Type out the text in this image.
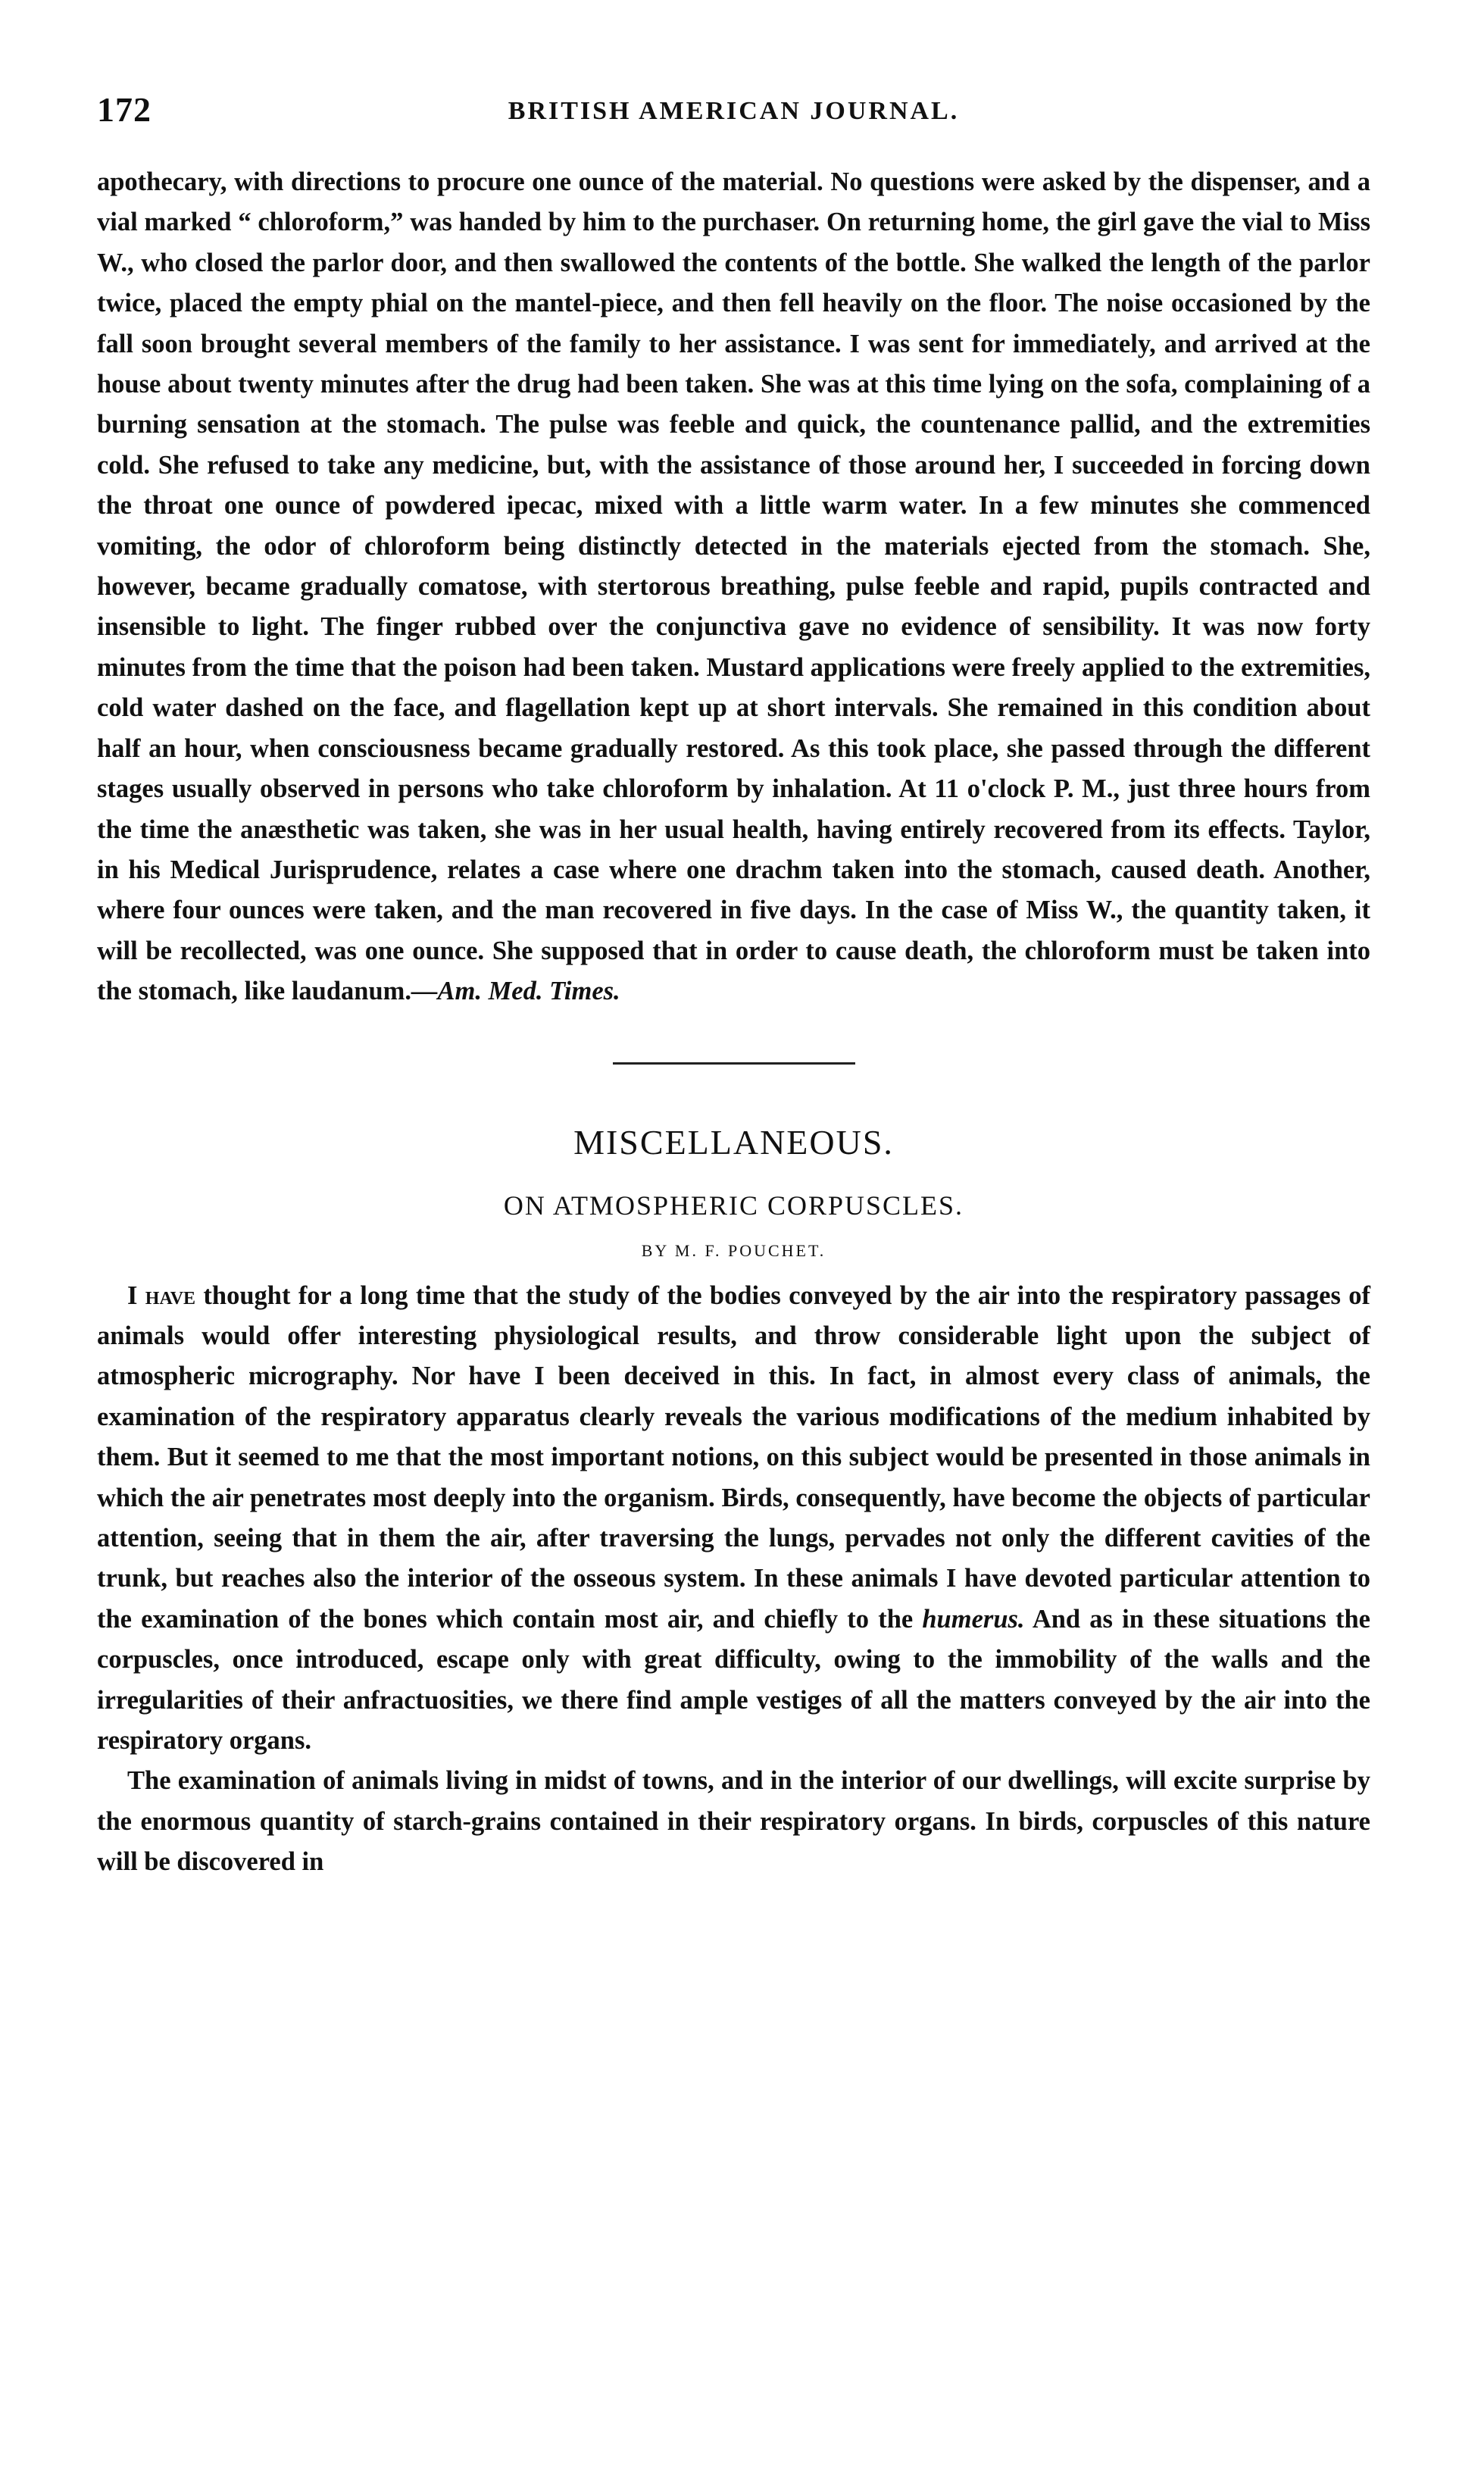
172	BRITISH AMERICAN JOURNAL.

apothecary, with directions to procure one ounce of the material. No questions were asked by the dispenser, and a vial marked “ chloroform,” was handed by him to the purchaser. On returning home, the girl gave the vial to Miss W., who closed the parlor door, and then swallowed the contents of the bottle. She walked the length of the parlor twice, placed the empty phial on the mantel-piece, and then fell heavily on the floor. The noise occasioned by the fall soon brought several members of the family to her assistance. I was sent for immediately, and arrived at the house about twenty minutes after the drug had been taken. She was at this time lying on the sofa, complaining of a burning sensation at the stomach. The pulse was feeble and quick, the countenance pallid, and the extremities cold. She refused to take any medicine, but, with the assistance of those around her, I succeeded in forcing down the throat one ounce of powdered ipecac, mixed with a little warm water. In a few minutes she commenced vomiting, the odor of chloroform being distinctly detected in the materials ejected from the stomach. She, however, became gradually comatose, with stertorous breathing, pulse feeble and rapid, pupils contracted and insensible to light. The finger rubbed over the conjunctiva gave no evidence of sensibility. It was now forty minutes from the time that the poison had been taken. Mustard applications were freely applied to the extremities, cold water dashed on the face, and flagellation kept up at short intervals. She remained in this condition about half an hour, when consciousness became gradually restored. As this took place, she passed through the different stages usually observed in persons who take chloroform by inhalation. At 11 o'clock P. M., just three hours from the time the anæsthetic was taken, she was in her usual health, having entirely recovered from its effects. Taylor, in his Medical Jurisprudence, relates a case where one drachm taken into the stomach, caused death. Another, where four ounces were taken, and the man recovered in five days. In the case of Miss W., the quantity taken, it will be recollected, was one ounce. She supposed that in order to cause death, the chloroform must be taken into the stomach, like laudanum.—Am. Med. Times.

MISCELLANEOUS.
ON ATMOSPHERIC CORPUSCLES.
BY M. F. POUCHET.

I have thought for a long time that the study of the bodies conveyed by the air into the respiratory passages of animals would offer interesting physiological results, and throw considerable light upon the subject of atmospheric micrography. Nor have I been deceived in this. In fact, in almost every class of animals, the examination of the respiratory apparatus clearly reveals the various modifications of the medium inhabited by them. But it seemed to me that the most important notions, on this subject would be presented in those animals in which the air penetrates most deeply into the organism. Birds, consequently, have become the objects of particular attention, seeing that in them the air, after traversing the lungs, pervades not only the different cavities of the trunk, but reaches also the interior of the osseous system. In these animals I have devoted particular attention to the examination of the bones which contain most air, and chiefly to the humerus. And as in these situations the corpuscles, once introduced, escape only with great difficulty, owing to the immobility of the walls and the irregularities of their anfractuosities, we there find ample vestiges of all the matters conveyed by the air into the respiratory organs.

The examination of animals living in midst of towns, and in the interior of our dwellings, will excite surprise by the enormous quantity of starch-grains contained in their respiratory organs. In birds, corpuscles of this nature will be discovered in
